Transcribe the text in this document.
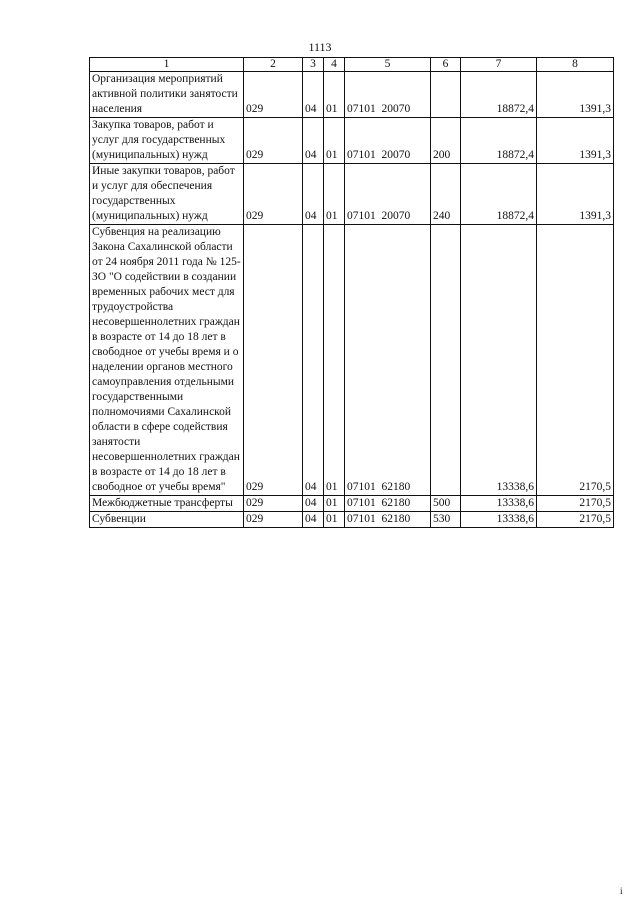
1113
1	2	3	4	5	6	7	8
Организация мероприятий активной политики занятости населения	029	04	01	07101  20070		18872,4	1391,3
Закупка товаров, работ и услуг для государственных (муниципальных) нужд	029	04	01	07101  20070	200	18872,4	1391,3
Иные закупки товаров, работ и услуг для обеспечения государственных (муниципальных) нужд	029	04	01	07101  20070	240	18872,4	1391,3
Субвенция на реализацию Закона Сахалинской области от 24 ноября 2011 года № 125-ЗО "О содействии в создании временных рабочих мест для трудоустройства несовершеннолетних граждан в возрасте от 14 до 18 лет в свободное от учебы время и о наделении органов местного самоуправления отдельными государственными полномочиями Сахалинской области в сфере содействия занятости несовершеннолетних граждан в возрасте от 14 до 18 лет в свободное от учебы время"	029	04	01	07101  62180		13338,6	2170,5
Межбюджетные трансферты	029	04	01	07101  62180	500	13338,6	2170,5
Субвенции	029	04	01	07101  62180	530	13338,6	2170,5
i
